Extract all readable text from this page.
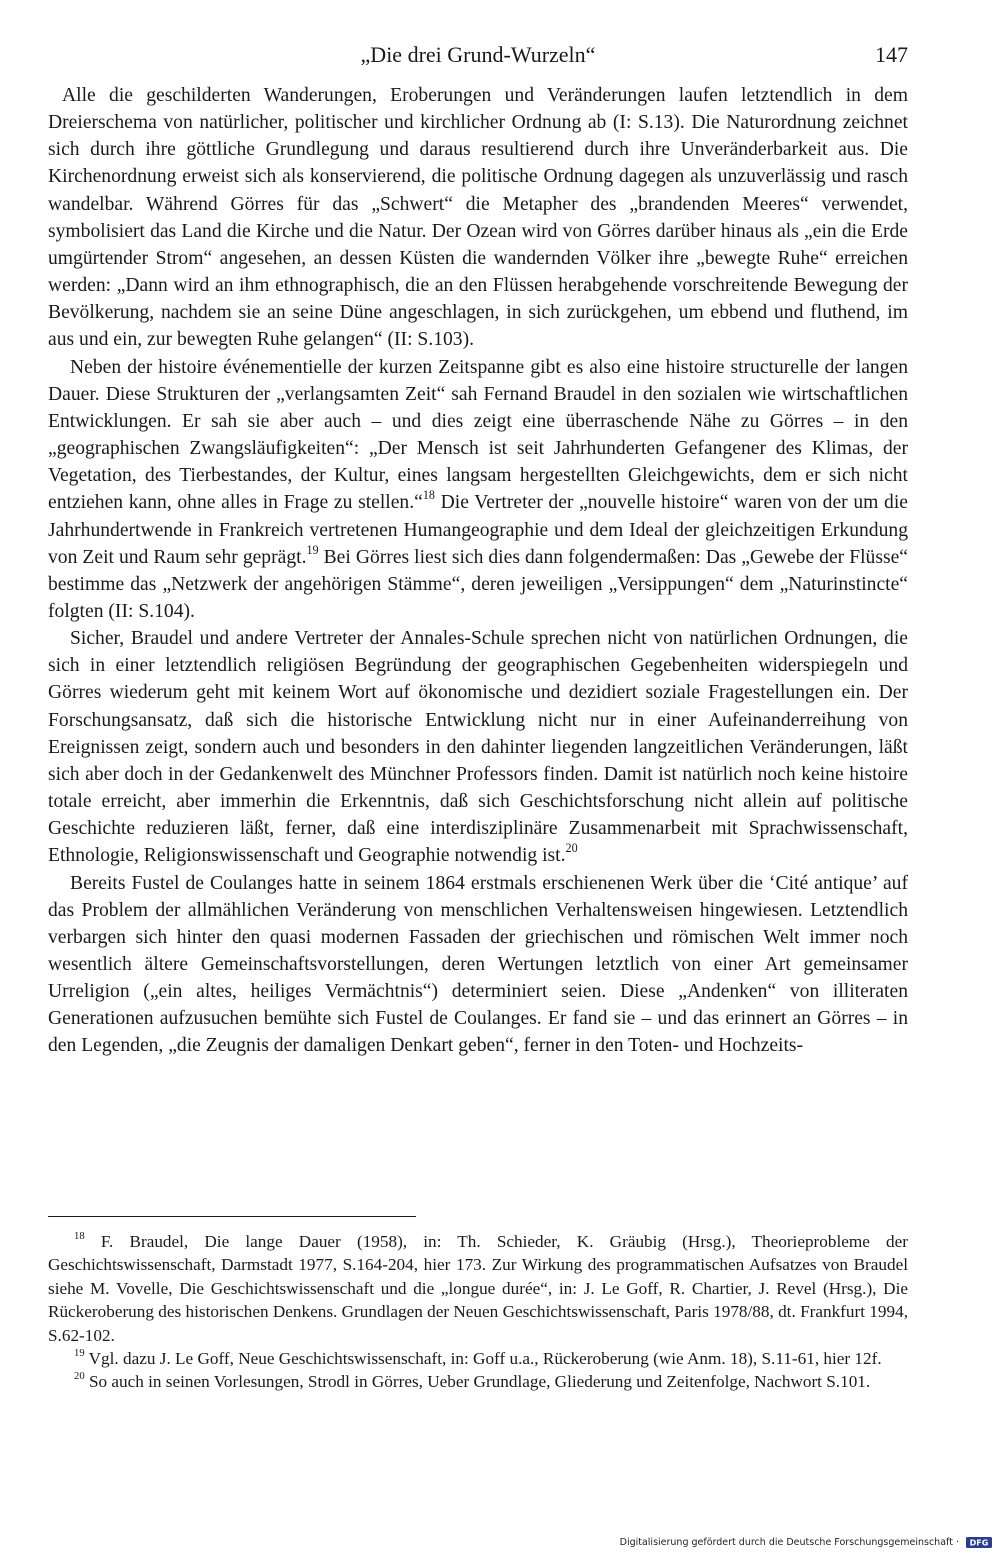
„Die drei Grund-Wurzeln“	147

Alle die geschilderten Wanderungen, Eroberungen und Veränderungen laufen letztendlich in dem Dreierschema von natürlicher, politischer und kirchlicher Ordnung ab (I: S.13). Die Naturordnung zeichnet sich durch ihre göttliche Grundlegung und daraus resultierend durch ihre Unveränderbarkeit aus. Die Kirchenordnung erweist sich als konservierend, die politische Ordnung dagegen als unzuverlässig und rasch wandelbar. Während Görres für das „Schwert“ die Metapher des „brandenden Meeres“ verwendet, symbolisiert das Land die Kirche und die Natur. Der Ozean wird von Görres darüber hinaus als „ein die Erde umgürtender Strom“ angesehen, an dessen Küsten die wandernden Völker ihre „bewegte Ruhe“ erreichen werden: „Dann wird an ihm ethnographisch, die an den Flüssen herabgehende vorschreitende Bewegung der Bevölkerung, nachdem sie an seine Düne angeschlagen, in sich zurückgehen, um ebbend und fluthend, im aus und ein, zur bewegten Ruhe gelangen“ (II: S.103).

Neben der histoire événementielle der kurzen Zeitspanne gibt es also eine histoire structurelle der langen Dauer. Diese Strukturen der „verlangsamten Zeit“ sah Fernand Braudel in den sozialen wie wirtschaftlichen Entwicklungen. Er sah sie aber auch – und dies zeigt eine überraschende Nähe zu Görres – in den „geographischen Zwangsläufigkeiten“: „Der Mensch ist seit Jahrhunderten Gefangener des Klimas, der Vegetation, des Tierbestandes, der Kultur, eines langsam hergestellten Gleichgewichts, dem er sich nicht entziehen kann, ohne alles in Frage zu stellen.“$^{18}$ Die Vertreter der „nouvelle histoire“ waren von der um die Jahrhundertwende in Frankreich vertretenen Humangeographie und dem Ideal der gleichzeitigen Erkundung von Zeit und Raum sehr geprägt.$^{19}$ Bei Görres liest sich dies dann folgendermaßen: Das „Gewebe der Flüsse“ bestimme das „Netzwerk der angehörigen Stämme“, deren jeweiligen „Versippungen“ dem „Naturinstincte“ folgten (II: S.104).

Sicher, Braudel und andere Vertreter der Annales-Schule sprechen nicht von natürlichen Ordnungen, die sich in einer letztendlich religiösen Begründung der geographischen Gegebenheiten widerspiegeln und Görres wiederum geht mit keinem Wort auf ökonomische und dezidiert soziale Fragestellungen ein. Der Forschungsansatz, daß sich die historische Entwicklung nicht nur in einer Aufeinanderreihung von Ereignissen zeigt, sondern auch und besonders in den dahinter liegenden langzeitlichen Veränderungen, läßt sich aber doch in der Gedankenwelt des Münchner Professors finden. Damit ist natürlich noch keine histoire totale erreicht, aber immerhin die Erkenntnis, daß sich Geschichtsforschung nicht allein auf politische Geschichte reduzieren läßt, ferner, daß eine interdisziplinäre Zusammenarbeit mit Sprachwissenschaft, Ethnologie, Religionswissenschaft und Geographie notwendig ist.$^{20}$

Bereits Fustel de Coulanges hatte in seinem 1864 erstmals erschienenen Werk über die ‘Cité antique’ auf das Problem der allmählichen Veränderung von menschlichen Verhaltensweisen hingewiesen. Letztendlich verbargen sich hinter den quasi modernen Fassaden der griechischen und römischen Welt immer noch wesentlich ältere Gemeinschaftsvorstellungen, deren Wertungen letztlich von einer Art gemeinsamer Urreligion („ein altes, heiliges Vermächtnis“) determiniert seien. Diese „Andenken“ von illiteraten Generationen aufzusuchen bemühte sich Fustel de Coulanges. Er fand sie – und das erinnert an Görres – in den Legenden, „die Zeugnis der damaligen Denkart geben“, ferner in den Toten- und Hochzeits-

$^{18}$ F. Braudel, Die lange Dauer (1958), in: Th. Schieder, K. Gräubig (Hrsg.), Theorieprobleme der Geschichtswissenschaft, Darmstadt 1977, S.164-204, hier 173. Zur Wirkung des programmatischen Aufsatzes von Braudel siehe M. Vovelle, Die Geschichtswissenschaft und die „longue durée“, in: J. Le Goff, R. Chartier, J. Revel (Hrsg.), Die Rückeroberung des historischen Denkens. Grundlagen der Neuen Geschichtswissenschaft, Paris 1978/88, dt. Frankfurt 1994, S.62-102.

$^{19}$ Vgl. dazu J. Le Goff, Neue Geschichtswissenschaft, in: Goff u.a., Rückeroberung (wie Anm. 18), S.11-61, hier 12f.

$^{20}$ So auch in seinen Vorlesungen, Strodl in Görres, Ueber Grundlage, Gliederung und Zeitenfolge, Nachwort S.101.

Digitalisierung gefördert durch die Deutsche Forschungsgemeinschaft · DFG
